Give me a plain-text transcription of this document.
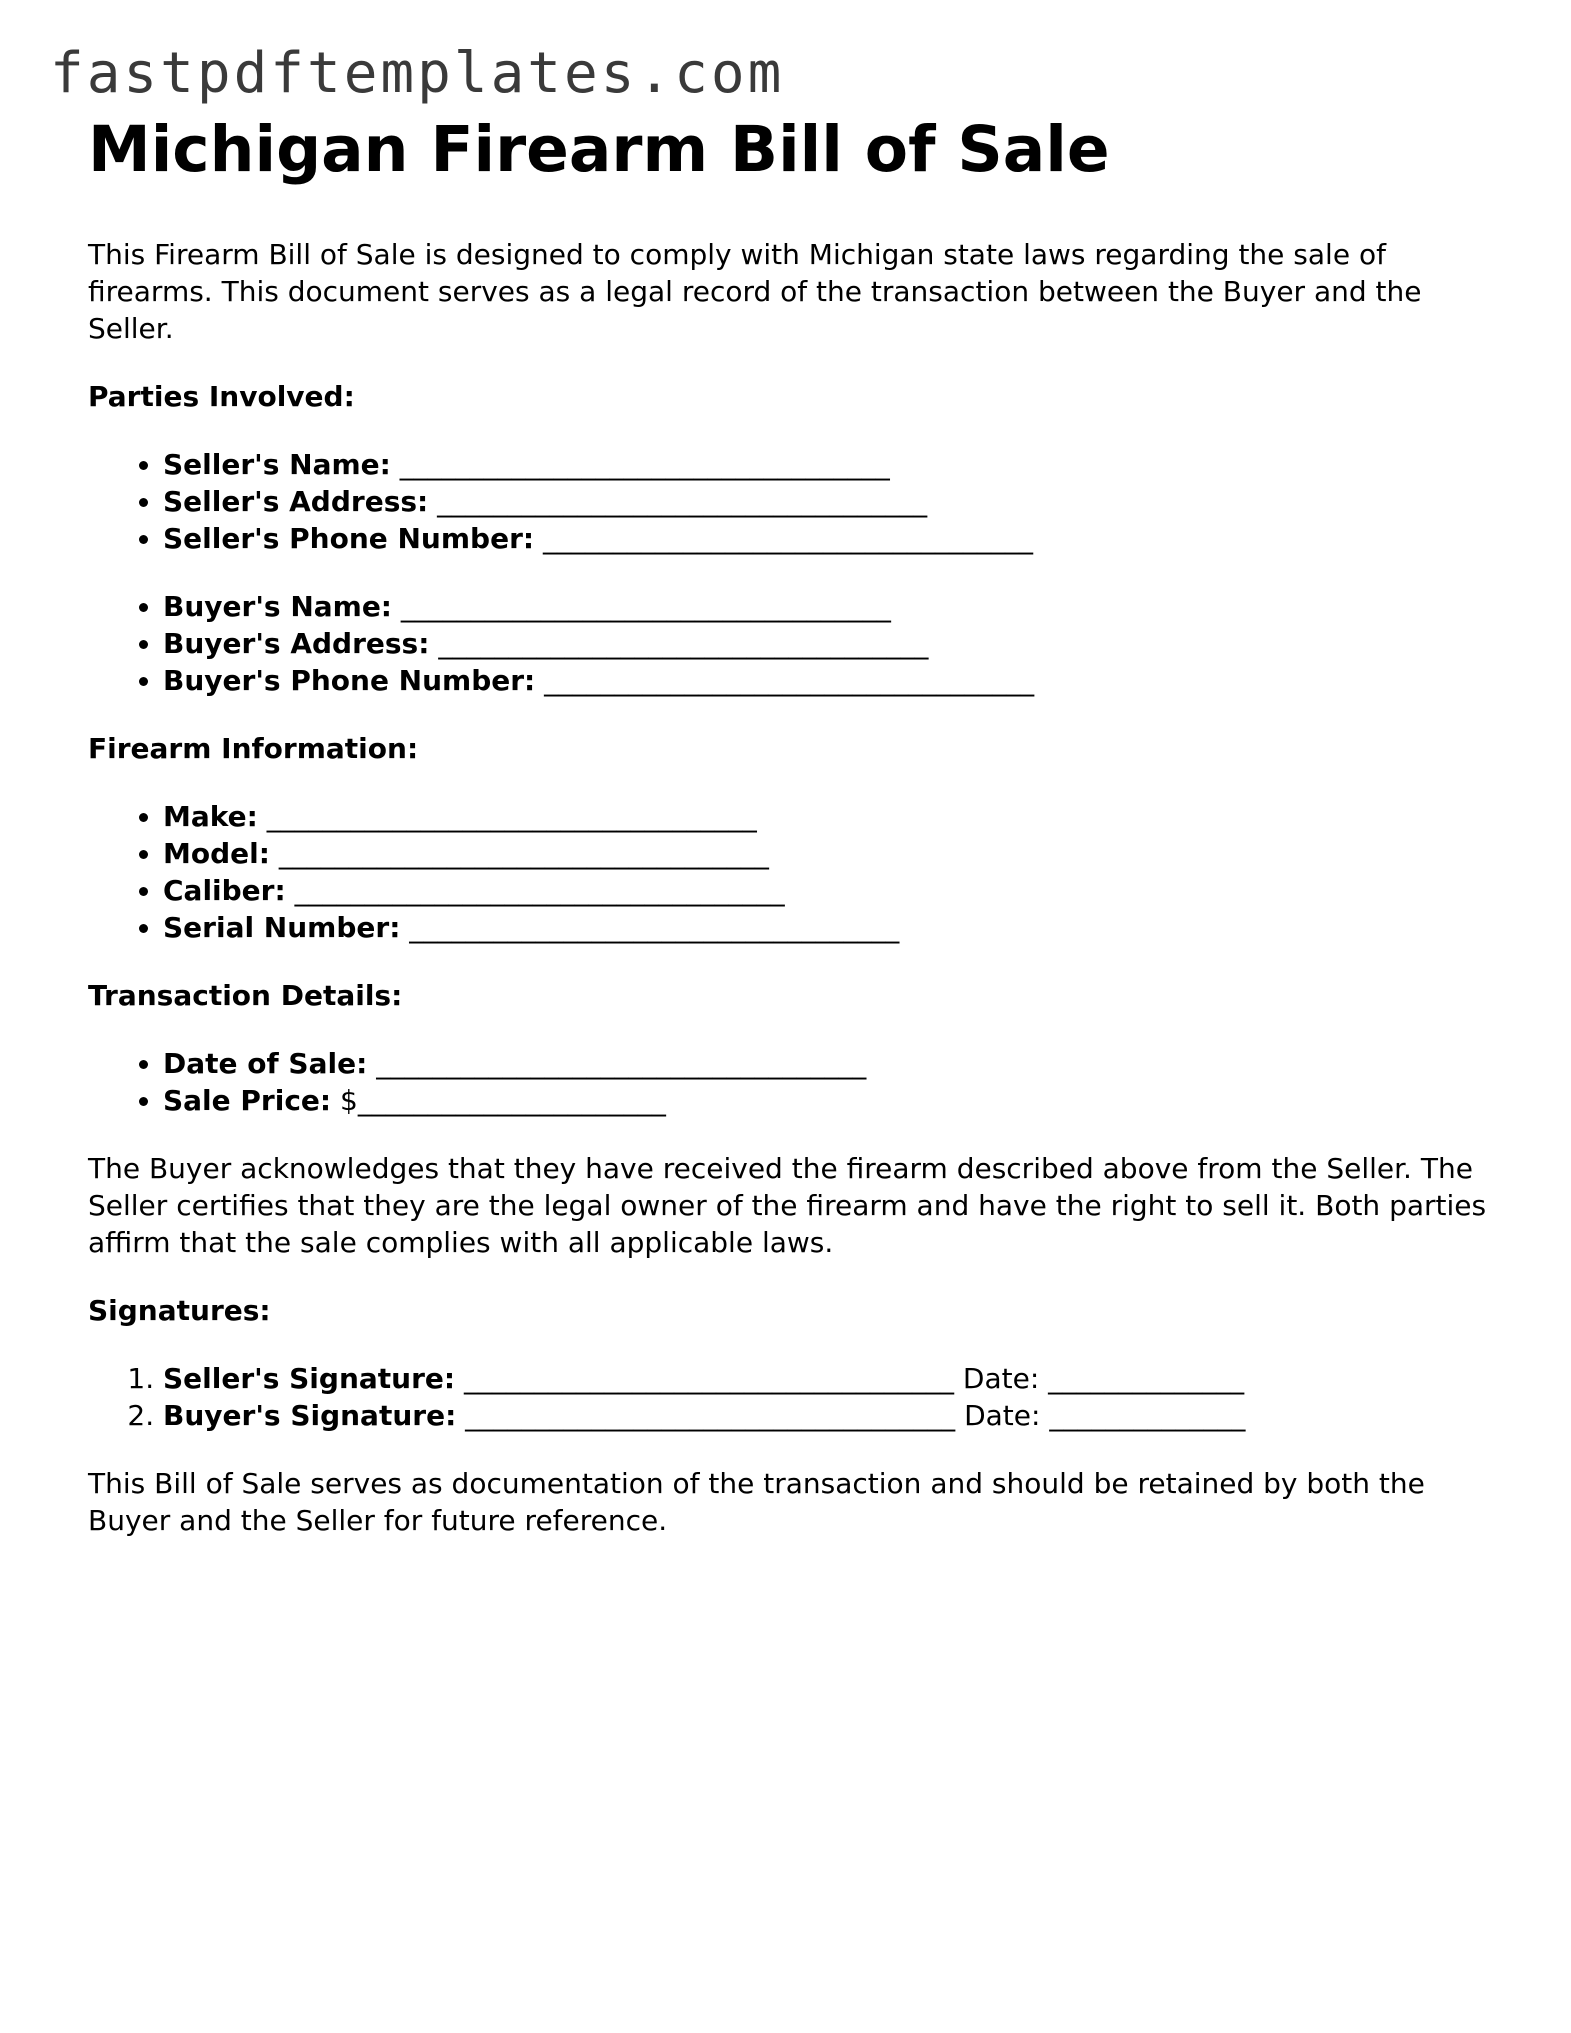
fastpdftemplates.com
Michigan Firearm Bill of Sale

This Firearm Bill of Sale is designed to comply with Michigan state laws regarding the sale of firearms. This document serves as a legal record of the transaction between the Buyer and the Seller.

Parties Involved:
• Seller's Name: ___________________________________
• Seller's Address: ___________________________________
• Seller's Phone Number: ___________________________________
• Buyer's Name: ___________________________________
• Buyer's Address: ___________________________________
• Buyer's Phone Number: ___________________________________
Firearm Information:
• Make: ___________________________________
• Model: ___________________________________
• Caliber: ___________________________________
• Serial Number: ___________________________________
Transaction Details:
• Date of Sale: ___________________________________
• Sale Price: $______________________

The Buyer acknowledges that they have received the firearm described above from the Seller. The Seller certifies that they are the legal owner of the firearm and have the right to sell it. Both parties affirm that the sale complies with all applicable laws.

Signatures:
1. Seller's Signature: ___________________________________ Date: ______________
2. Buyer's Signature: ___________________________________ Date: ______________

This Bill of Sale serves as documentation of the transaction and should be retained by both the Buyer and the Seller for future reference.
